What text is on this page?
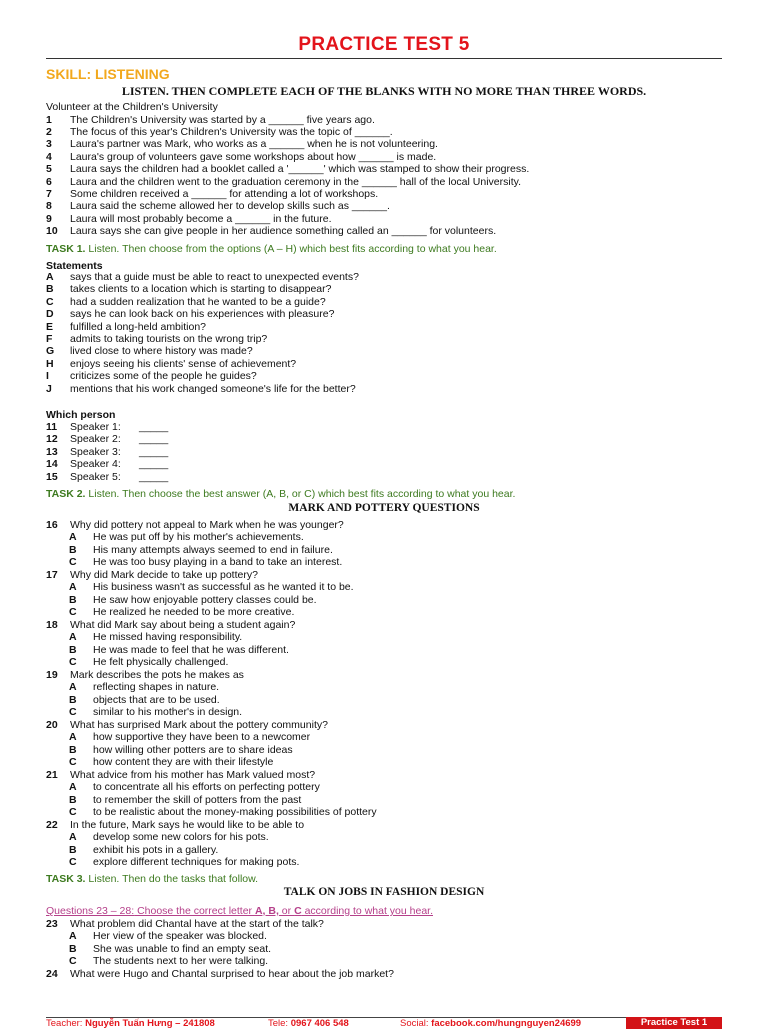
PRACTICE TEST 5
SKILL: LISTENING
LISTEN. THEN COMPLETE EACH OF THE BLANKS WITH NO MORE THAN THREE WORDS.
Volunteer at the Children's University
1 The Children's University was started by a ______ five years ago.
2 The focus of this year's Children's University was the topic of ______.
3 Laura's partner was Mark, who works as a ______ when he is not volunteering.
4 Laura's group of volunteers gave some workshops about how ______ is made.
5 Laura says the children had a booklet called a '______' which was stamped to show their progress.
6 Laura and the children went to the graduation ceremony in the ______ hall of the local University.
7 Some children received a ______ for attending a lot of workshops.
8 Laura said the scheme allowed her to develop skills such as ______.
9 Laura will most probably become a ______ in the future.
10 Laura says she can give people in her audience something called an ______ for volunteers.
TASK 1. Listen. Then choose from the options (A – H) which best fits according to what you hear.
Statements
A says that a guide must be able to react to unexpected events?
B takes clients to a location which is starting to disappear?
C had a sudden realization that he wanted to be a guide?
D says he can look back on his experiences with pleasure?
E fulfilled a long-held ambition?
F admits to taking tourists on the wrong trip?
G lived close to where history was made?
H enjoys seeing his clients' sense of achievement?
I criticizes some of the people he guides?
J mentions that his work changed someone's life for the better?
Which person
11 Speaker 1: _____
12 Speaker 2: _____
13 Speaker 3: _____
14 Speaker 4: _____
15 Speaker 5: _____
TASK 2. Listen. Then choose the best answer (A, B, or C) which best fits according to what you hear.
MARK AND POTTERY QUESTIONS
16 Why did pottery not appeal to Mark when he was younger?
A He was put off by his mother's achievements.
B His many attempts always seemed to end in failure.
C He was too busy playing in a band to take an interest.
17 Why did Mark decide to take up pottery?
A His business wasn't as successful as he wanted it to be.
B He saw how enjoyable pottery classes could be.
C He realized he needed to be more creative.
18 What did Mark say about being a student again?
A He missed having responsibility.
B He was made to feel that he was different.
C He felt physically challenged.
19 Mark describes the pots he makes as
A reflecting shapes in nature.
B objects that are to be used.
C similar to his mother's in design.
20 What has surprised Mark about the pottery community?
A how supportive they have been to a newcomer
B how willing other potters are to share ideas
C how content they are with their lifestyle
21 What advice from his mother has Mark valued most?
A to concentrate all his efforts on perfecting pottery
B to remember the skill of potters from the past
C to be realistic about the money-making possibilities of pottery
22 In the future, Mark says he would like to be able to
A develop some new colors for his pots.
B exhibit his pots in a gallery.
C explore different techniques for making pots.
TASK 3. Listen. Then do the tasks that follow.
TALK ON JOBS IN FASHION DESIGN
Questions 23 – 28: Choose the correct letter A, B, or C according to what you hear.
23 What problem did Chantal have at the start of the talk?
A Her view of the speaker was blocked.
B She was unable to find an empty seat.
C The students next to her were talking.
24 What were Hugo and Chantal surprised to hear about the job market?
Teacher: Nguyễn Tuấn Hưng – 241808	Tele: 0967 406 548	Social: facebook.com/hungnguyen24699	Practice Test 1
